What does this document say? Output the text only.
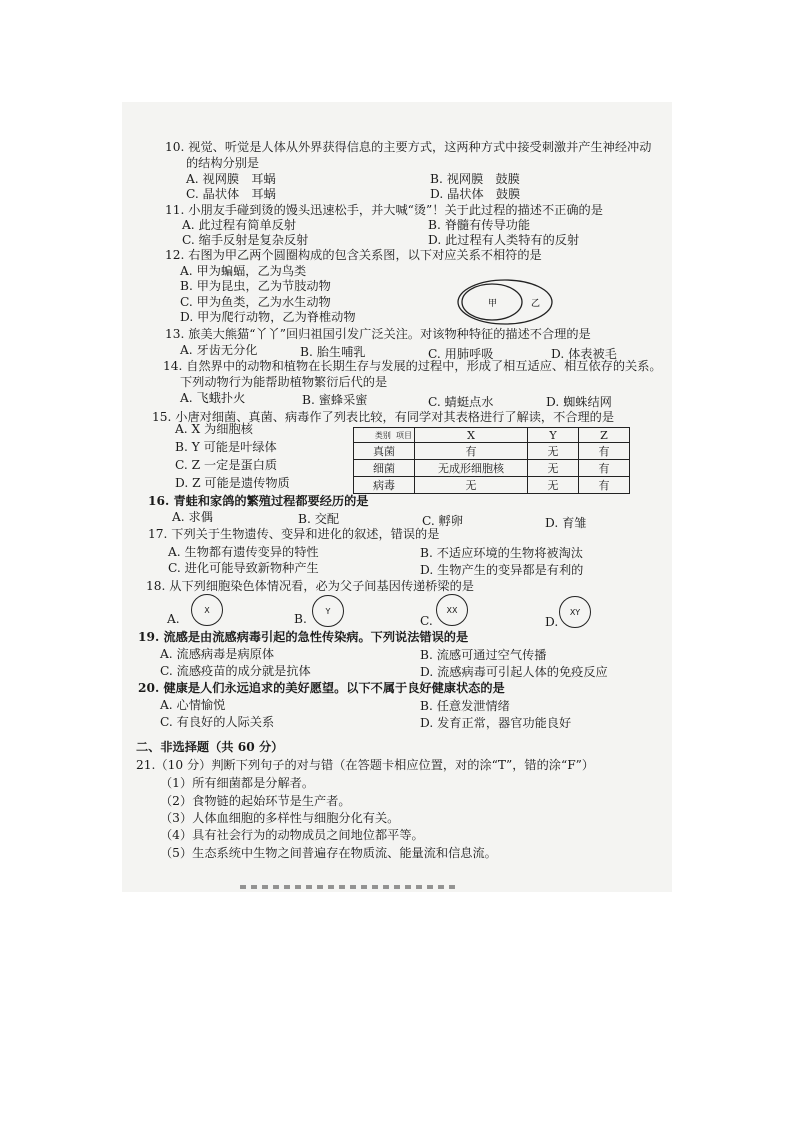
10. 视觉、听觉是人体从外界获得信息的主要方式，这两种方式中接受刺激并产生神经冲动
的结构分别是
A. 视网膜　耳蜗	B. 视网膜　鼓膜
C. 晶状体　耳蜗	D. 晶状体　鼓膜
11. 小朋友手碰到烫的馒头迅速松手，并大喊“烫”！关于此过程的描述不正确的是
A. 此过程有简单反射	B. 脊髓有传导功能
C. 缩手反射是复杂反射	D. 此过程有人类特有的反射
12. 右图为甲乙两个圆圈构成的包含关系图，以下对应关系不相符的是
A. 甲为蝙蝠，乙为鸟类
B. 甲为昆虫，乙为节肢动物
C. 甲为鱼类，乙为水生动物
D. 甲为爬行动物，乙为脊椎动物
甲	乙
13. 旅美大熊猫“丫丫”回归祖国引发广泛关注。对该物种特征的描述不合理的是
A. 牙齿无分化	B. 胎生哺乳	C. 用肺呼吸	D. 体表被毛
14. 自然界中的动物和植物在长期生存与发展的过程中，形成了相互适应、相互依存的关系。
下列动物行为能帮助植物繁衍后代的是
A. 飞蛾扑火	B. 蜜蜂采蜜	C. 蜻蜓点水	D. 蜘蛛结网
15. 小唐对细菌、真菌、病毒作了列表比较，有同学对其表格进行了解读，不合理的是
A. X 为细胞核
B. Y 可能是叶绿体
C. Z 一定是蛋白质
D. Z 可能是遗传物质
类别 项目	X	Y	Z
真菌	有	无	有
细菌	无成形细胞核	无	有
病毒	无	无	有
16. 青蛙和家鸽的繁殖过程都要经历的是
A. 求偶	B. 交配	C. 孵卵	D. 育雏
17. 下列关于生物遗传、变异和进化的叙述，错误的是
A. 生物都有遗传变异的特性	B. 不适应环境的生物将被淘汰
C. 进化可能导致新物种产生	D. 生物产生的变异都是有利的
18. 从下列细胞染色体情况看，必为父子间基因传递桥梁的是
A.
X
B.
Y
C.
XX
D.
XY
19. 流感是由流感病毒引起的急性传染病。下列说法错误的是
A. 流感病毒是病原体	B. 流感可通过空气传播
C. 流感疫苗的成分就是抗体	D. 流感病毒可引起人体的免疫反应
20. 健康是人们永远追求的美好愿望。以下不属于良好健康状态的是
A. 心情愉悦	B. 任意发泄情绪
C. 有良好的人际关系	D. 发育正常，器官功能良好
二、非选择题（共 60 分）
21.（10 分）判断下列句子的对与错（在答题卡相应位置，对的涂“T”，错的涂“F”）
（1）所有细菌都是分解者。
（2）食物链的起始环节是生产者。
（3）人体血细胞的多样性与细胞分化有关。
（4）具有社会行为的动物成员之间地位都平等。
（5）生态系统中生物之间普遍存在物质流、能量流和信息流。
